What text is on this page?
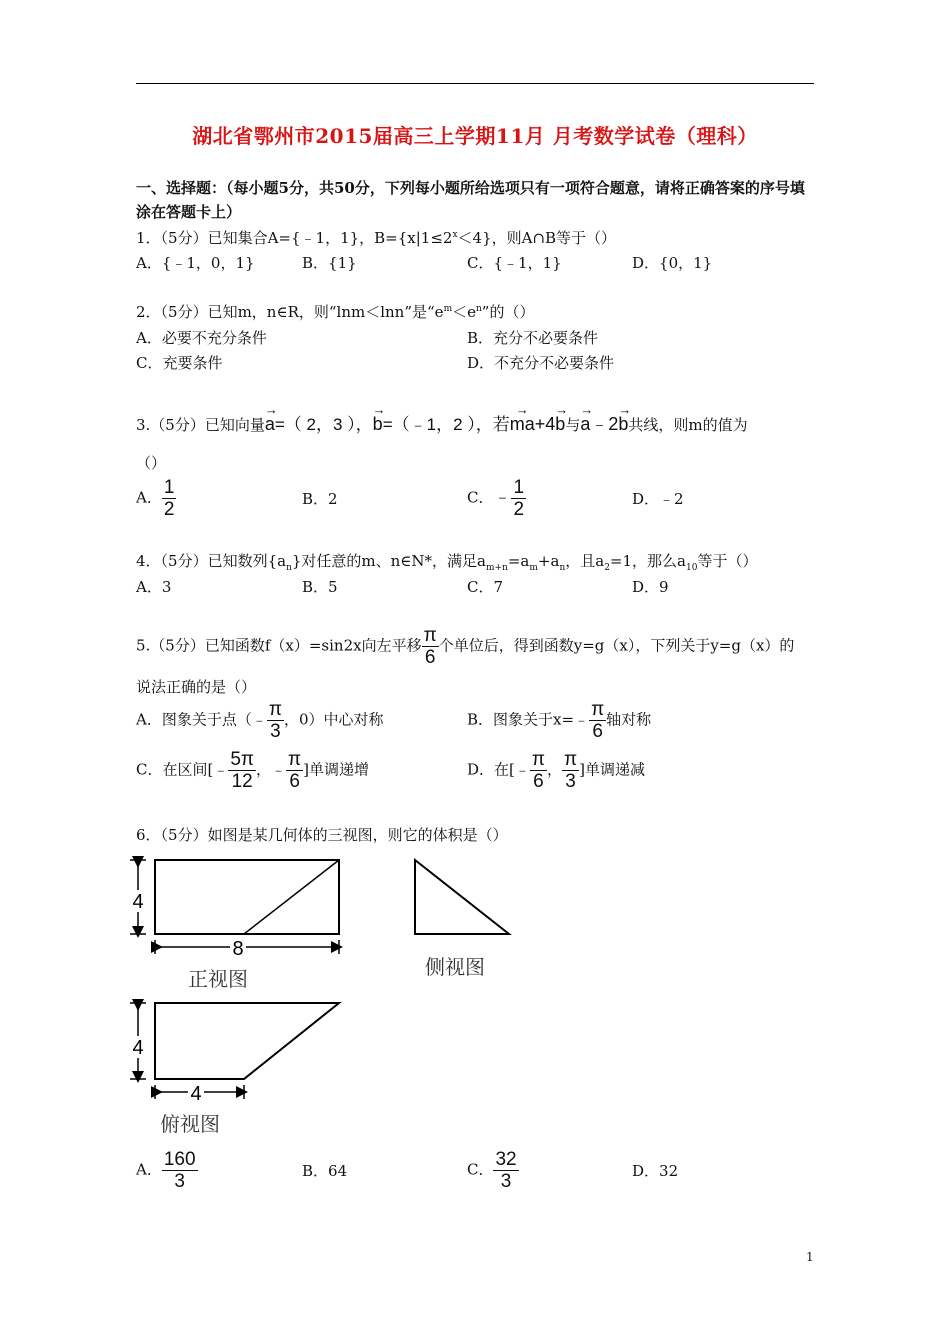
湖北省鄂州市2015届高三上学期11月 月考数学试卷（理科）
一、选择题：（每小题5分，共50分，下列每小题所给选项只有一项符合题意，请将正确答案的序号填涂在答题卡上）
1．（5分）已知集合A={﹣1，1}，$B=\{x|1\le 2^x<4\}$，则A∩B等于（）
A．{﹣1，0，1}	B．{1}	C．{﹣1，1}	D．{0，1}
2．（5分）已知m，n∈R，则“lnm＜lnn”是“$e^m<e^n$”的（）
A．必要不充分条件	B．充分不必要条件
C．充要条件	D．不充分不必要条件
3.（5分）已知向量→ a=（ 2，3 ），→ b=（﹣1，2 ），若→ ma+4→ b与→ a﹣2→ b共线，则m的值为
（）
A． $\frac{1}{2}$	B．2	C．﹣ $\frac{1}{2}$	D．﹣2
4．（5分）已知数列$\{a_n\}$对任意的m、n∈N*，满足$a_{m+n}=a_m+a_n$，且$a_2=1$，那么$a_{10}$等于（）
A．3	B．5	C．7	D．9
5.（5分）已知函数f（x）=sin2x向左平移 $\frac{\pi}{6}$ 个单位后，得到函数y=g（x），下列关于y=g（x）的
说法正确的是（）
A．图象关于点（﹣ $\frac{\pi}{3}$ ，0）中心对称	B．图象关于x=﹣ $\frac{\pi}{6}$ 轴对称
C．在区间[﹣ $\frac{5\pi}{12}$ ，﹣ $\frac{\pi}{6}$ ]单调递增	D．在[﹣ $\frac{\pi}{6}$ ， $\frac{\pi}{3}$ ]单调递减
6．（5分）如图是某几何体的三视图，则它的体积是（）
4
8
正视图
侧视图
4
4
俯视图
A． $\frac{160}{3}$	B．64	C． $\frac{32}{3}$	D．32
1
